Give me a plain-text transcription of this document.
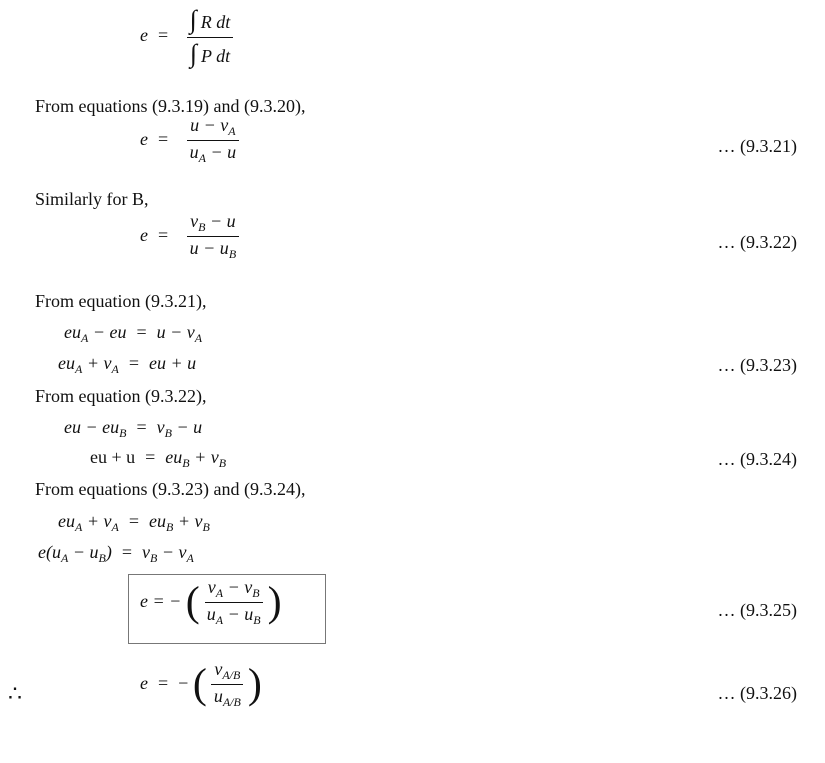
$e = \frac{\text{∫ R dt}}{\text{∫ P dt}}$
From equations (9.3.19) and (9.3.20),
$e = \frac{u - v_A}{u_A - u}$	… (9.3.21)
Similarly for B,
$e = \frac{v_B - u}{u - u_B}$	… (9.3.22)
From equation (9.3.21),
$eu_A$ − eu = $u - v_A$
$eu_A + v_A$ = eu + u	… (9.3.23)
From equation (9.3.22),
eu − $eu_B = v_B - u$
eu + $u = eu_B + v_B$	… (9.3.24)
From equations (9.3.23) and (9.3.24),
$eu_A + v_A = eu_B + v_B$
$e(u_A - u_B) = v_B - v_A$
e = − ( $\frac{v_A - v_B}{u_A - u_B}$ )	… (9.3.25)
∴	e = − ( $\frac{v_{A/B}}{u_{A/B}}$ )	… (9.3.26)
